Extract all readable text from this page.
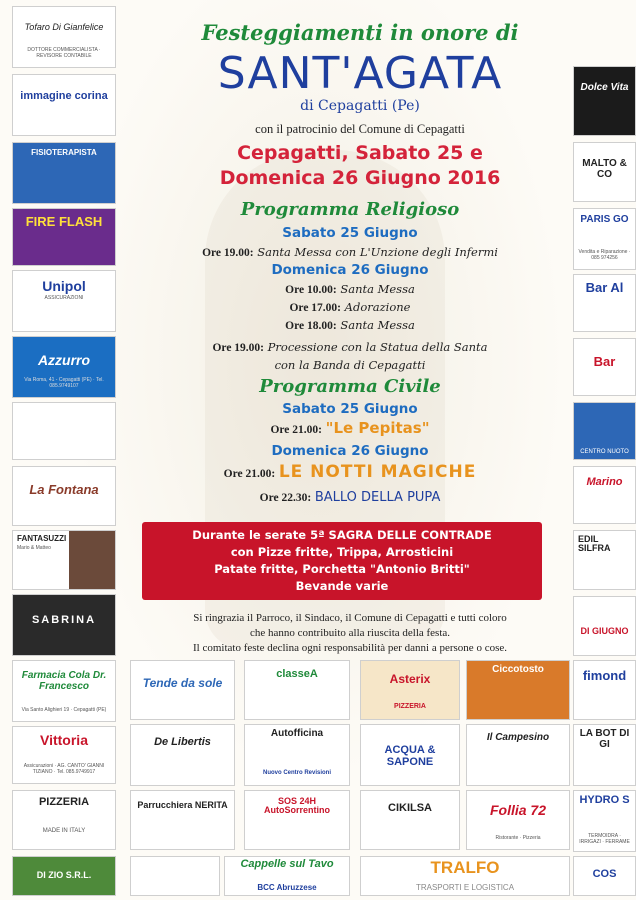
Festeggiamenti in onore di
SANT'AGATA
di Cepagatti (Pe)
con il patrocinio del Comune di Cepagatti
Cepagatti, Sabato 25 e
Domenica 26 Giugno 2016
Programma Religioso
Sabato 25 Giugno
Ore 19.00: Santa Messa con L'Unzione degli Infermi
Domenica 26 Giugno
Ore 10.00: Santa Messa
Ore 17.00: Adorazione
Ore 18.00: Santa Messa
Ore 19.00: Processione con la Statua della Santa
con la Banda di Cepagatti
Programma Civile
Sabato 25 Giugno
Ore 21.00: "Le Pepitas"
Domenica 26 Giugno
Ore 21.00: LE NOTTI MAGICHE
Ore 22.30: BALLO DELLA PUPA
Durante le serate 5ª SAGRA DELLE CONTRADE
con Pizze fritte, Trippa, Arrosticini
Patate fritte, Porchetta "Antonio Britti"
Bevande varie
Si ringrazia il Parroco, il Sindaco, il Comune di Cepagatti e tutti coloro
che hanno contribuito alla riuscita della festa.
Il comitato feste declina ogni responsabilità per danni a persone o cose.
Tofaro Di Gianfelice
DOTTORE COMMERCIALISTA · REVISORE CONTABILE
immagine corina
FISIOTERAPISTA
FIRE FLASH
Unipol
ASSICURAZIONI
Azzurro
Via Roma, 41 - Cepagatti (PE) · Tel. 085.9749107
La Fontana
FANTASUZZI
Mario & Matteo
SABRINA
Farmacia Cola Dr. Francesco
Via Santo Alighieri 19 · Cepagatti (PE)
Vittoria
Assicurazioni · AG. CANTO' GIANNI TIZIANO · Tel. 085.9749917
PIZZERIA
MADE IN ITALY
DI ZIO S.R.L.
Dolce Vita
MALTO & CO
PARIS GO
Vendita e Riparazione · 085 974256
Bar Al
Bar
CENTRO NUOTO
Marino
EDIL SILFRA
DI GIUGNO
fimond
LA BOT DI GI
HYDRO S
TERMOIDRA · IRRIGAZI · FERRAME
COS
Tende da sole
classeA	Asterix
PIZZERIA
Ciccotosto
De Libertis
Autofficina
Nuovo Centro Revisioni
ACQUA & SAPONE
Il Campesino
Parrucchiera NERITA	SOS 24H AutoSorrentino	CIKILSA	Follia 72
Ristorante · Pizzeria
Cappelle sul Tavo
BCC Abruzzese
TRALFO
TRASPORTI E LOGISTICA
